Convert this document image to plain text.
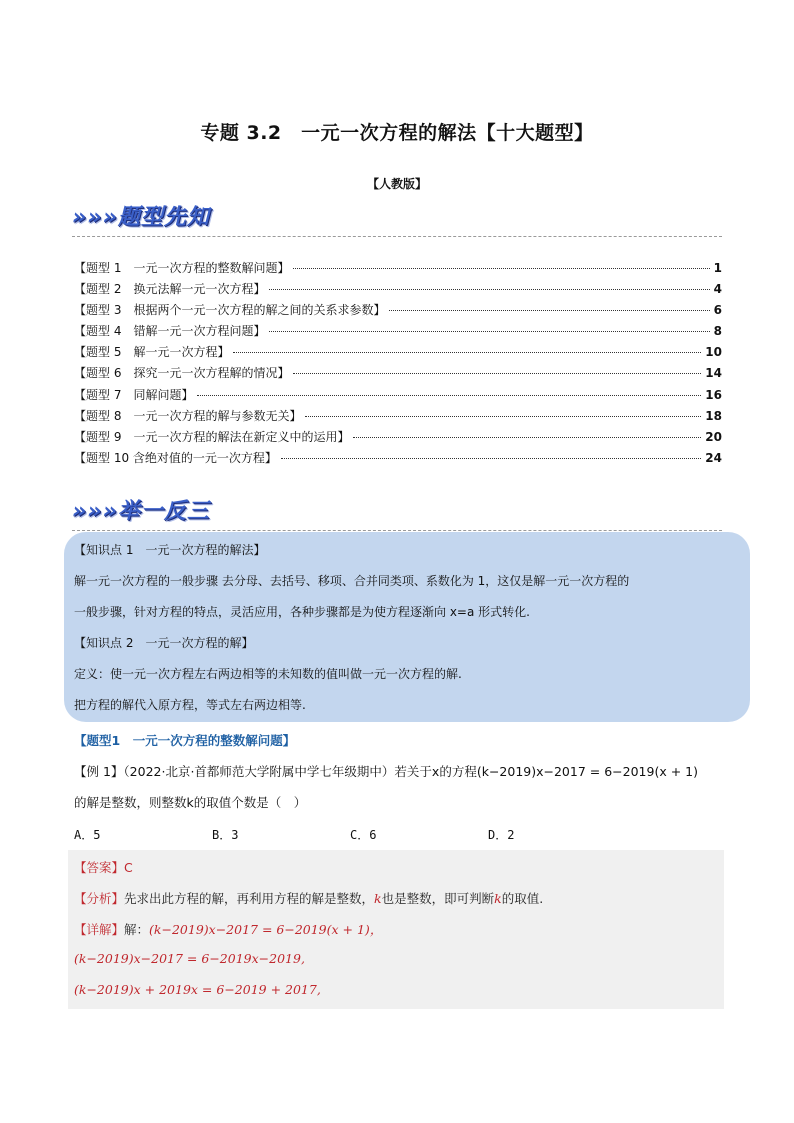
专题 3.2　一元一次方程的解法【十大题型】
【人教版】
»»»题型先知
【题型 1　一元一次方程的整数解问题】	1
【题型 2　换元法解一元一次方程】	4
【题型 3　根据两个一元一次方程的解之间的关系求参数】	6
【题型 4　错解一元一次方程问题】	8
【题型 5　解一元一次方程】	10
【题型 6　探究一元一次方程解的情况】	14
【题型 7　同解问题】	16
【题型 8　一元一次方程的解与参数无关】	18
【题型 9　一元一次方程的解法在新定义中的运用】	20
【题型 10 含绝对值的一元一次方程】	24
»»»举一反三
【知识点 1　一元一次方程的解法】
解一元一次方程的一般步骤 去分母、去括号、移项、合并同类项、系数化为 1，这仅是解一元一次方程的
一般步骤，针对方程的特点，灵活应用，各种步骤都是为使方程逐渐向 x=a 形式转化.
【知识点 2　一元一次方程的解】
定义：使一元一次方程左右两边相等的未知数的值叫做一元一次方程的解.
把方程的解代入原方程，等式左右两边相等.
【题型1　一元一次方程的整数解问题】
【例 1】（2022·北京·首都师范大学附属中学七年级期中）若关于x的方程(k−2019)x−2017 = 6−2019(x + 1)
的解是整数，则整数k的取值个数是（　）
A．5	B．3	C．6	D．2
【答案】C
【分析】先求出此方程的解，再利用方程的解是整数，k也是整数，即可判断k的取值.
【详解】解：(k−2019)x−2017 = 6−2019(x + 1)，
(k−2019)x−2017 = 6−2019x−2019,
(k−2019)x + 2019x = 6−2019 + 2017,
